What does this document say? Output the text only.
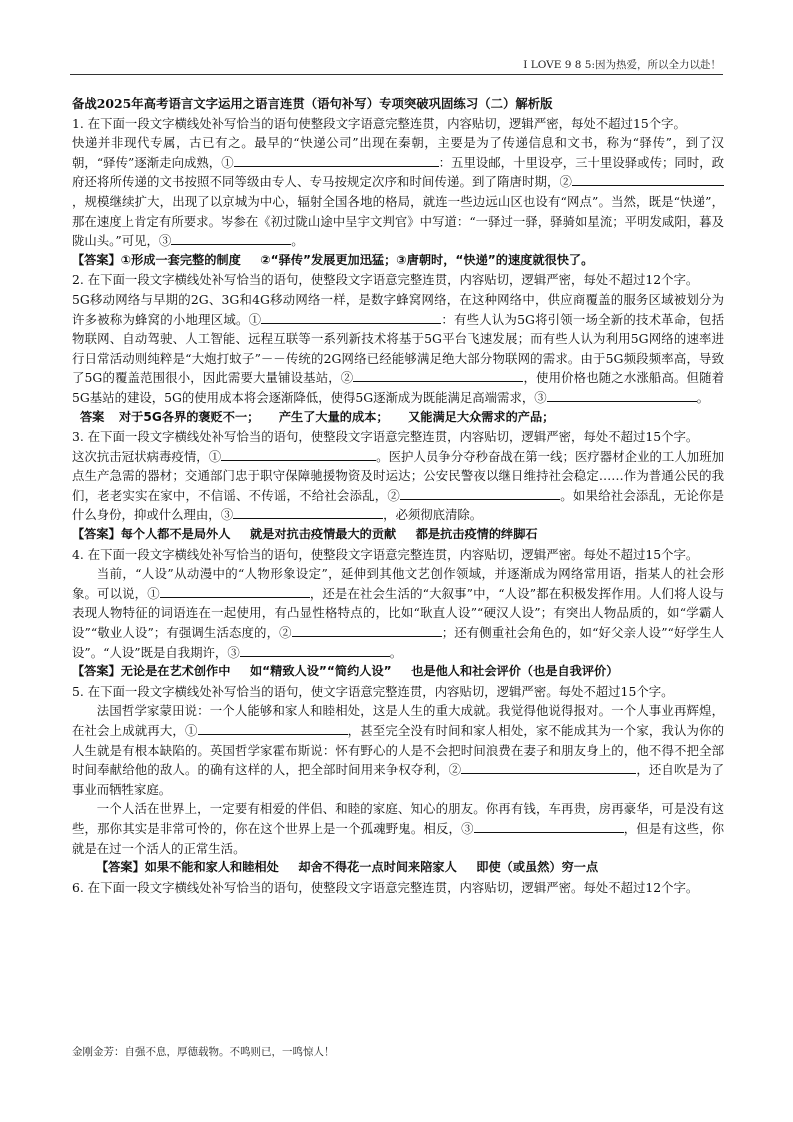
I LOVE 9 8 5:因为热爱，所以全力以赴！

备战2025年高考语言文字运用之语言连贯（语句补写）专项突破巩固练习（二）解析版

1. 在下面一段文字横线处补写恰当的语句使整段文字语意完整连贯，内容贴切，逻辑严密，每处不超过15个字。

快递并非现代专属，古已有之。最早的“快递公司”出现在秦朝，主要是为了传递信息和文书，称为“驿传”，到了汉朝，“驿传”逐渐走向成熟，①	：五里设邮，十里设亭，三十里设驿或传；同时，政府还将所传递的文书按照不同等级由专人、专马按规定次序和时间传递。到了隋唐时期，②，规模继续扩大，出现了以京城为中心，辐射全国各地的格局，就连一些边远山区也设有“网点”。当然，既是“快递”，那在速度上肯定有所要求。岑参在《初过陇山途中呈宇文判官》中写道：“一驿过一驿，驿骑如星流；平明发咸阳，暮及陇山头。”可见，③	。

【答案】①形成一套完整的制度 ②“驿传”发展更加迅猛；③唐朝时，“快递”的速度就很快了。

2. 在下面一段文字横线处补写恰当的语句，使整段文字语意完整连贯，内容贴切，逻辑严密，每处不超过12个字。

5G移动网络与早期的2G、3G和4G移动网络一样，是数字蜂窝网络，在这种网络中，供应商覆盖的服务区域被划分为许多被称为蜂窝的小地理区域。①	：有些人认为5G将引领一场全新的技术革命，包括物联网、自动驾驶、人工智能、远程互联等一系列新技术将基于5G平台飞速发展；而有些人认为利用5G网络的速率进行日常活动则纯粹是“大炮打蚊子”－－传统的2G网络已经能够满足绝大部分物联网的需求。由于5G频段频率高，导致了5G的覆盖范围很小，因此需要大量铺设基站，②	，使用价格也随之水涨船高。但随着5G基站的建设，5G的使用成本将会逐渐降低，使得5G逐渐成为既能满足高端需求，③	。

答案 对于5G各界的褒贬不一； 产生了大量的成本； 又能满足大众需求的产品；

3. 在下面一段文字横线处补写恰当的语句，使整段文字语意完整连贯，内容贴切，逻辑严密，每处不超过15个字。

这次抗击冠状病毒疫情，①	。医护人员争分夺秒奋战在第一线；医疗器材企业的工人加班加点生产急需的器材；交通部门忠于职守保障驰援物资及时运达；公安民警夜以继日维持社会稳定……作为普通公民的我们，老老实实在家中，不信谣、不传谣，不给社会添乱，②	。如果给社会添乱，无论你是什么身份，抑或什么理由，③	，必须彻底清除。

【答案】每个人都不是局外人 就是对抗击疫情最大的贡献 都是抗击疫情的绊脚石

4. 在下面一段文字横线处补写恰当的语句，使整段文字语意完整连贯，内容贴切，逻辑严密。每处不超过15个字。

当前，“人设”从动漫中的“人物形象设定”，延伸到其他文艺创作领域，并逐渐成为网络常用语，指某人的社会形象。可以说，①	，还是在社会生活的“大叙事”中，“人设”都在积极发挥作用。人们将人设与表现人物特征的词语连在一起使用，有凸显性格特点的，比如“耿直人设”“硬汉人设”；有突出人物品质的，如“学霸人设”“敬业人设”；有强调生活态度的，②	；还有侧重社会角色的，如“好父亲人设”“好学生人设”。“人设”既是自我期许，③	。

【答案】无论是在艺术创作中 如“精致人设”“简约人设” 也是他人和社会评价（也是自我评价）

5. 在下面一段文字横线处补写恰当的语句，使文字语意完整连贯，内容贴切，逻辑严密。每处不超过15个字。

法国哲学家蒙田说：一个人能够和家人和睦相处，这是人生的重大成就。我觉得他说得报对。一个人事业再辉煌，在社会上成就再大，①	，甚至完全没有时间和家人相处，家不能成其为一个家，我认为你的人生就是有根本缺陷的。英国哲学家霍布斯说：怀有野心的人是不会把时间浪费在妻子和朋友身上的，他不得不把全部时间奉献给他的敌人。的确有这样的人，把全部时间用来争权夺利，②	，还自吹是为了事业而牺牲家庭。

一个人活在世界上，一定要有相爱的伴侣、和睦的家庭、知心的朋友。你再有钱，车再贵，房再豪华，可是没有这些，那你其实是非常可怜的，你在这个世界上是一个孤魂野鬼。相反，③	，但是有这些，你就是在过一个活人的正常生活。

【答案】如果不能和家人和睦相处 却舍不得花一点时间来陪家人 即使（或虽然）穷一点

6. 在下面一段文字横线处补写恰当的语句，使整段文字语意完整连贯，内容贴切，逻辑严密。每处不超过12个字。

金刚金芳：自强不息，厚德载物。不鸣则已，一鸣惊人！
